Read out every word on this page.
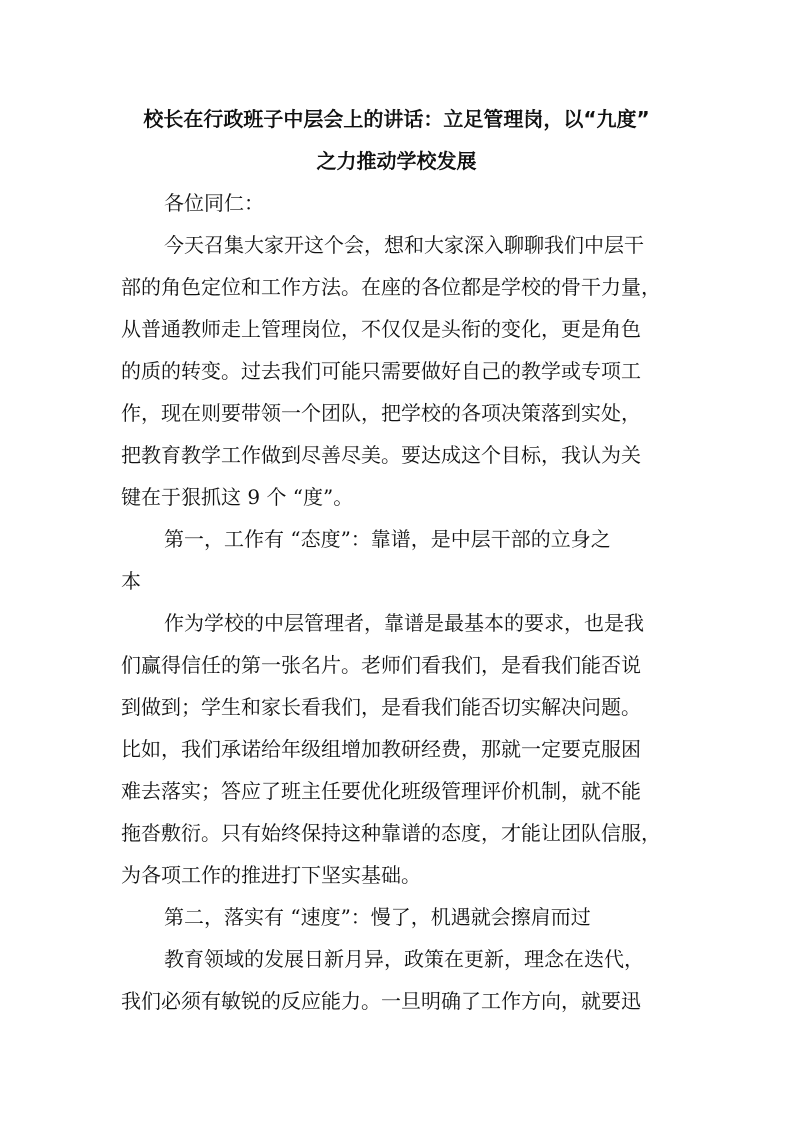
校长在行政班子中层会上的讲话：立足管理岗，以“九度”
之力推动学校发展
各位同仁：
今天召集大家开这个会，想和大家深入聊聊我们中层干
部的角色定位和工作方法。在座的各位都是学校的骨干力量，
从普通教师走上管理岗位，不仅仅是头衔的变化，更是角色
的质的转变。过去我们可能只需要做好自己的教学或专项工
作，现在则要带领一个团队，把学校的各项决策落到实处，
把教育教学工作做到尽善尽美。要达成这个目标，我认为关
键在于狠抓这 9 个 “度”。
第一，工作有 “态度”：靠谱，是中层干部的立身之
本
作为学校的中层管理者，靠谱是最基本的要求，也是我
们赢得信任的第一张名片。老师们看我们，是看我们能否说
到做到；学生和家长看我们，是看我们能否切实解决问题。
比如，我们承诺给年级组增加教研经费，那就一定要克服困
难去落实；答应了班主任要优化班级管理评价机制，就不能
拖沓敷衍。只有始终保持这种靠谱的态度，才能让团队信服，
为各项工作的推进打下坚实基础。
第二，落实有 “速度”：慢了，机遇就会擦肩而过
教育领域的发展日新月异，政策在更新，理念在迭代，
我们必须有敏锐的反应能力。一旦明确了工作方向，就要迅
